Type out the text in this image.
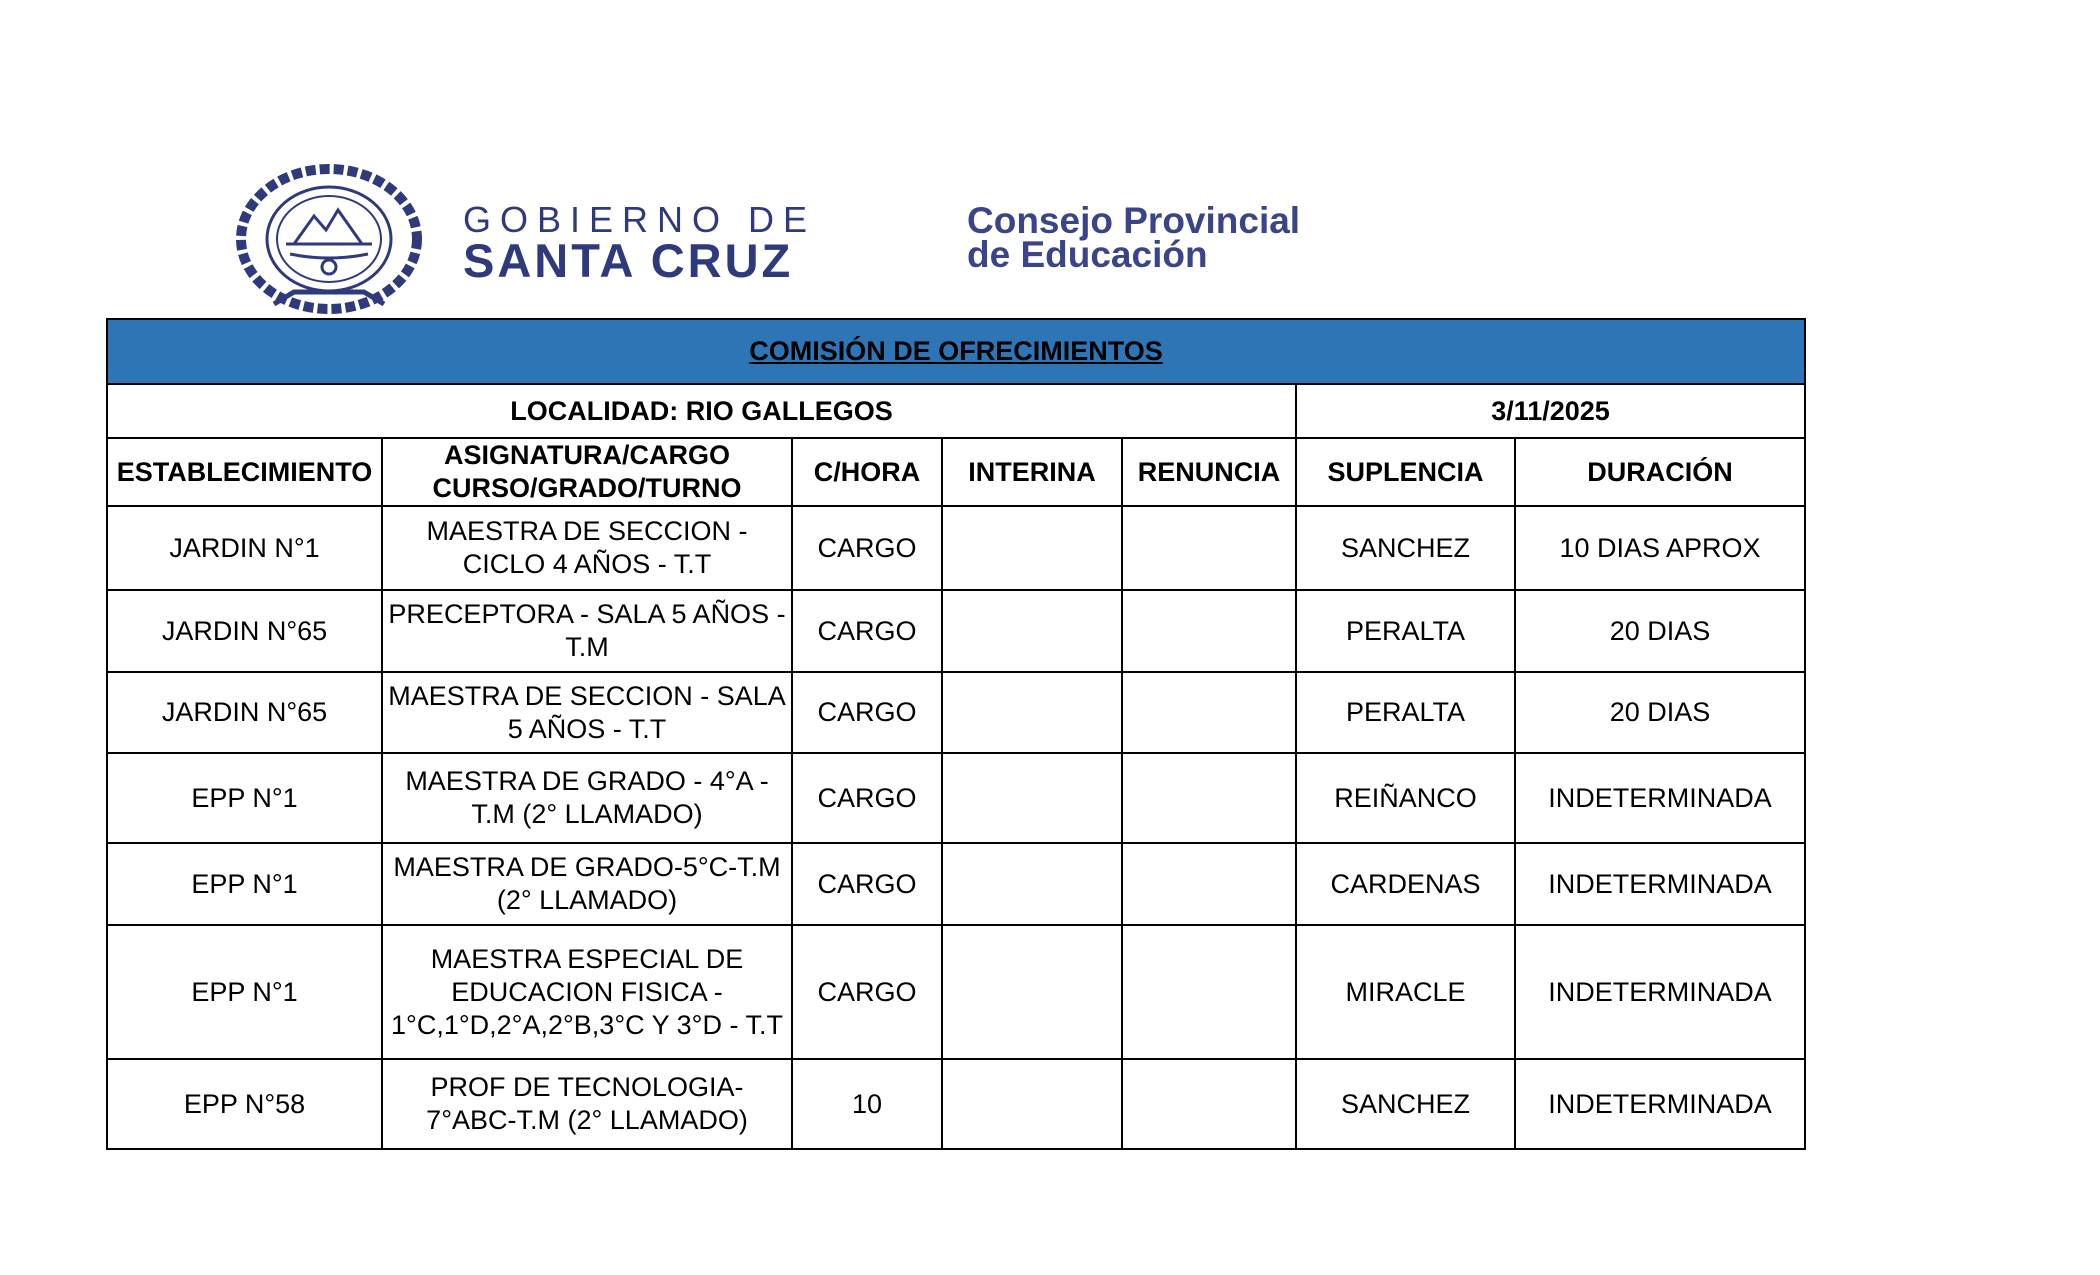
GOBIERNO DE
SANTA CRUZ
Consejo Provincial
de Educación
COMISIÓN DE OFRECIMIENTOS						
LOCALIDAD: RIO GALLEGOS					3/11/2025	
ESTABLECIMIENTO	ASIGNATURA/CARGO CURSO/GRADO/TURNO	C/HORA	INTERINA	RENUNCIA	SUPLENCIA	DURACIÓN
JARDIN N°1	MAESTRA DE SECCION - CICLO 4 AÑOS - T.T	CARGO			SANCHEZ	10 DIAS APROX
JARDIN N°65	PRECEPTORA - SALA 5 AÑOS - T.M	CARGO			PERALTA	20 DIAS
JARDIN N°65	MAESTRA DE SECCION - SALA 5 AÑOS - T.T	CARGO			PERALTA	20 DIAS
EPP N°1	MAESTRA DE GRADO - 4°A - T.M (2° LLAMADO)	CARGO			REIÑANCO	INDETERMINADA
EPP N°1	MAESTRA DE GRADO-5°C-T.M (2° LLAMADO)	CARGO			CARDENAS	INDETERMINADA
EPP N°1	MAESTRA ESPECIAL DE EDUCACION FISICA - 1°C,1°D,2°A,2°B,3°C Y 3°D - T.T	CARGO			MIRACLE	INDETERMINADA
EPP N°58	PROF DE TECNOLOGIA-7°ABC-T.M (2° LLAMADO)	10			SANCHEZ	INDETERMINADA
